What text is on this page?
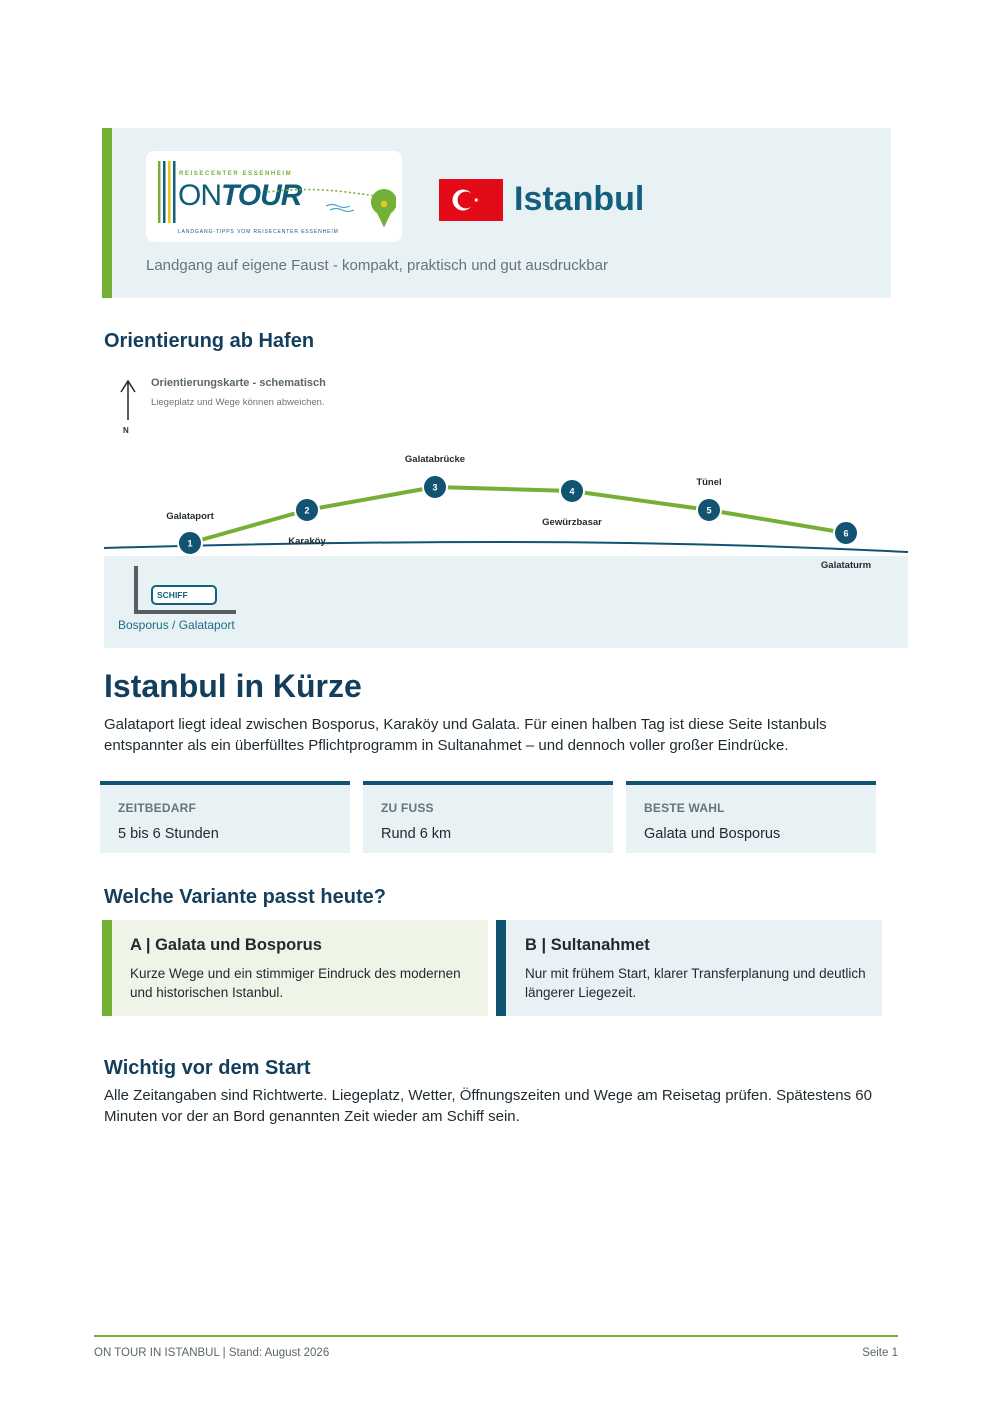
REISECENTER ESSENHEIM
ONTOUR
LANDGANG-TIPPS VOM REISECENTER ESSENHEIM
Istanbul
Landgang auf eigene Faust - kompakt, praktisch und gut ausdruckbar
Orientierung ab Hafen
1
2
3	4
5
6
Orientierungskarte - schematisch
Liegeplatz und Wege können abweichen.
N
Galataport
Karaköy
Galatabrücke
Gewürzbasar
Tünel
Galataturm
SCHIFF
Bosporus / Galataport
Istanbul in Kürze

Galataport liegt ideal zwischen Bosporus, Karaköy und Galata. Für einen halben Tag ist diese Seite Istanbuls entspannter als ein überfülltes Pflichtprogramm in Sultanahmet – und dennoch voller großer Eindrücke.

ZEITBEDARF
5 bis 6 Stunden
ZU FUSS
Rund 6 km
BESTE WAHL
Galata und Bosporus
Welche Variante passt heute?
A | Galata und Bosporus
Kurze Wege und ein stimmiger Eindruck des modernen und historischen Istanbul.
B | Sultanahmet
Nur mit frühem Start, klarer Transferplanung und deutlich längerer Liegezeit.
Wichtig vor dem Start

Alle Zeitangaben sind Richtwerte. Liegeplatz, Wetter, Öffnungszeiten und Wege am Reisetag prüfen. Spätestens 60 Minuten vor der an Bord genannten Zeit wieder am Schiff sein.

ON TOUR IN ISTANBUL | Stand: August 2026	Seite 1
